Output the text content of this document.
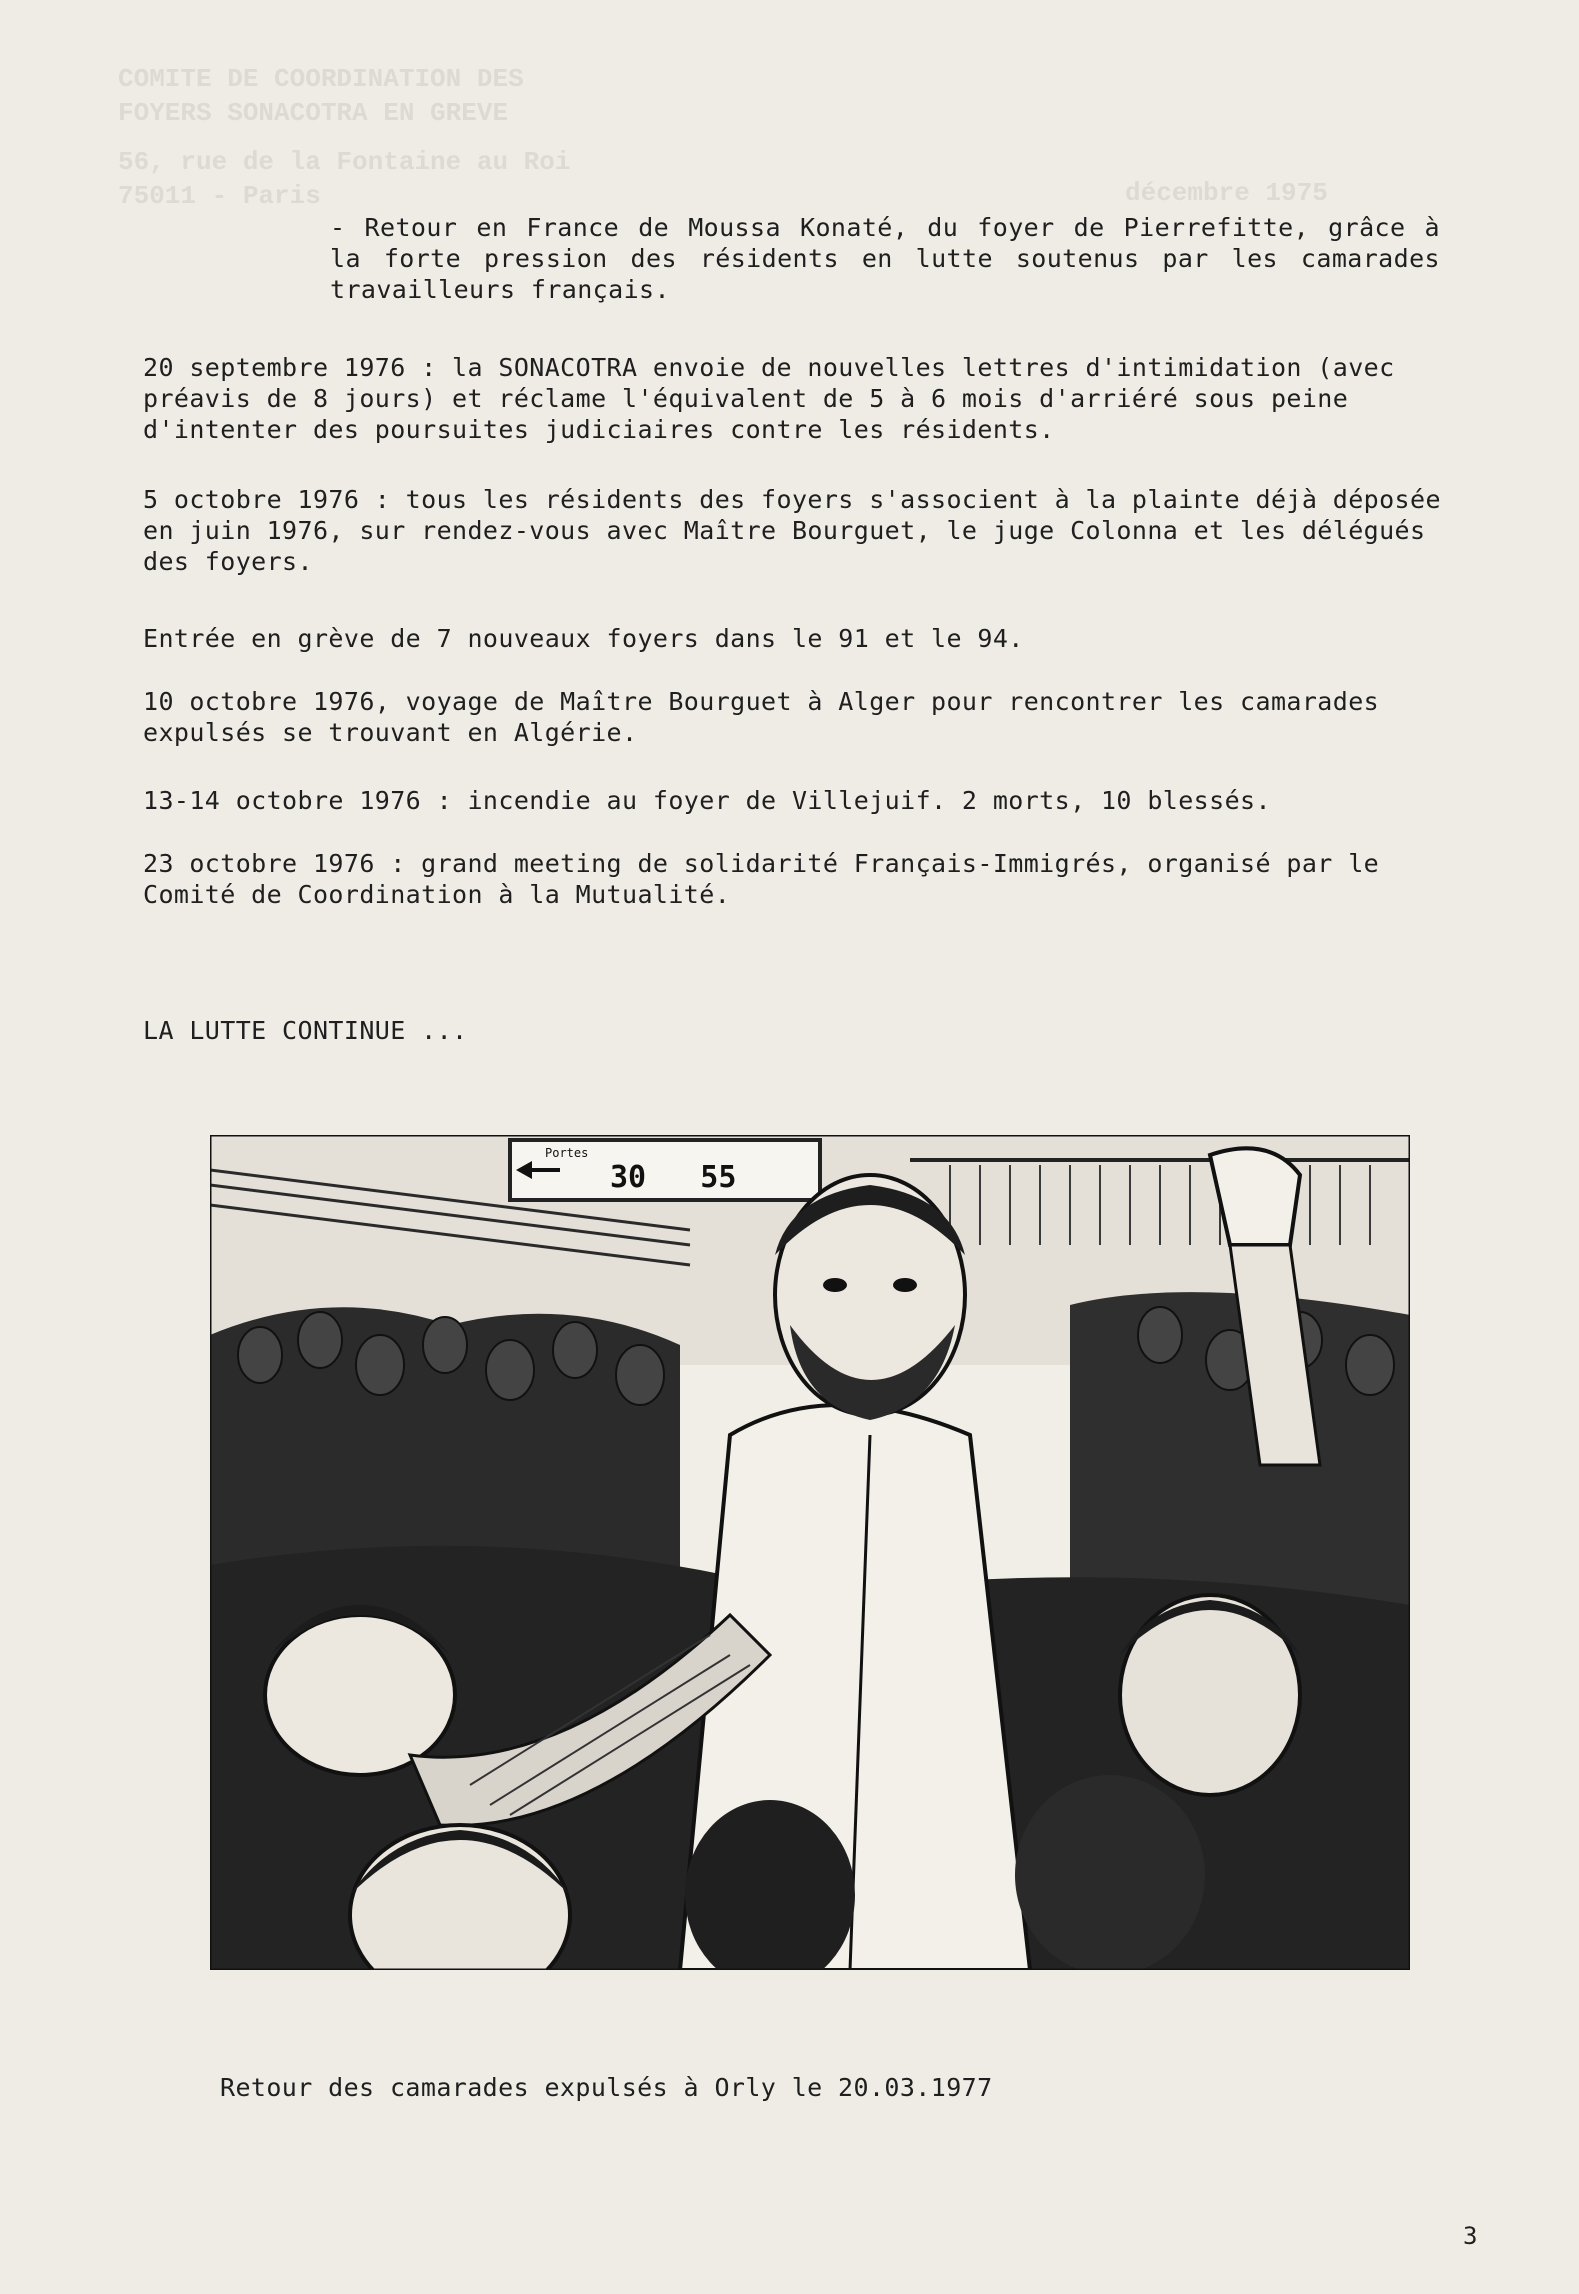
COMITE DE COORDINATION DES
FOYERS SONACOTRA EN GREVE
56, rue de la Fontaine au Roi
75011 - Paris	décembre 1975
- Retour en France de Moussa Konaté, du foyer de Pierrefitte, grâce à la forte pression des résidents en lutte soutenus par les camarades travailleurs français.
20 septembre 1976 : la SONACOTRA envoie de nouvelles lettres d'intimidation (avec préavis de 8 jours) et réclame l'équivalent de 5 à 6 mois d'arriéré sous peine d'intenter des poursuites judiciaires contre les résidents.
5 octobre 1976 : tous les résidents des foyers s'associent à la plainte déjà déposée en juin 1976, sur rendez-vous avec Maître Bourguet, le juge Colonna et les délégués des foyers.
Entrée en grève de 7 nouveaux foyers dans le 91 et le 94.
10 octobre 1976, voyage de Maître Bourguet à Alger pour rencontrer les camarades expulsés se trouvant en Algérie.
13-14 octobre 1976 : incendie au foyer de Villejuif. 2 morts, 10 blessés.
23 octobre 1976 : grand meeting de solidarité Français-Immigrés, organisé par le Comité de Coordination à la Mutualité.
LA LUTTE CONTINUE ...
Portes
30   55
Retour des camarades expulsés à Orly le 20.03.1977
3
